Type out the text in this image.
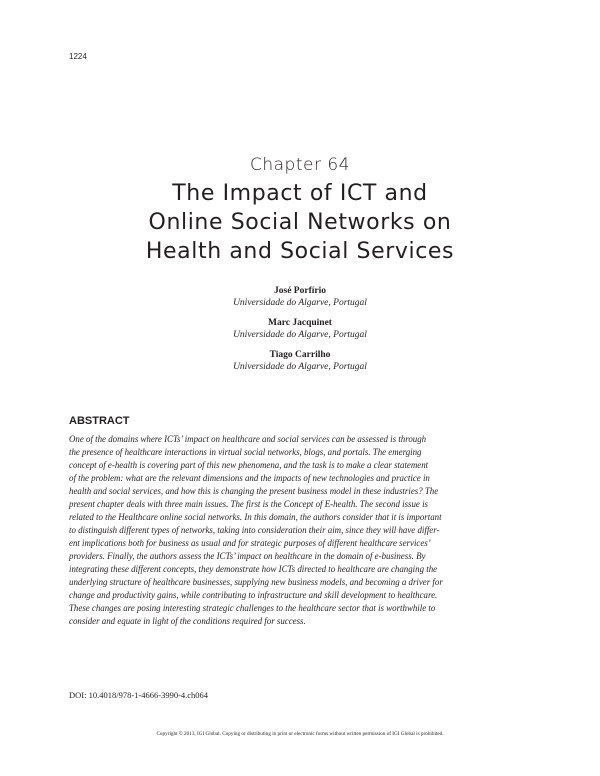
1224
Chapter 64
The Impact of ICT and
Online Social Networks on
Health and Social Services
José Porfírio
Universidade do Algarve, Portugal
Marc Jacquinet
Universidade do Algarve, Portugal
Tiago Carrilho
Universidade do Algarve, Portugal
ABSTRACT
One of the domains where ICTs’ impact on healthcare and social services can be assessed is through
the presence of healthcare interactions in virtual social networks, blogs, and portals. The emerging
concept of e-health is covering part of this new phenomena, and the task is to make a clear statement
of the problem: what are the relevant dimensions and the impacts of new technologies and practice in
health and social services, and how this is changing the present business model in these industries? The
present chapter deals with three main issues. The first is the Concept of E-health. The second issue is
related to the Healthcare online social networks. In this domain, the authors consider that it is important
to distinguish different types of networks, taking into consideration their aim, since they will have differ-
ent implications both for business as usual and for strategic purposes of different healthcare services’
providers. Finally, the authors assess the ICTs’ impact on healthcare in the domain of e-business. By
integrating these different concepts, they demonstrate how ICTs directed to healthcare are changing the
underlying structure of healthcare businesses, supplying new business models, and becoming a driver for
change and productivity gains, while contributing to infrastructure and skill development to healthcare.
These changes are posing interesting strategic challenges to the healthcare sector that is worthwhile to
consider and equate in light of the conditions required for success.
DOI: 10.4018/978-1-4666-3990-4.ch064
Copyright © 2013, IGI Global. Copying or distributing in print or electronic forms without written permission of IGI Global is prohibited.
